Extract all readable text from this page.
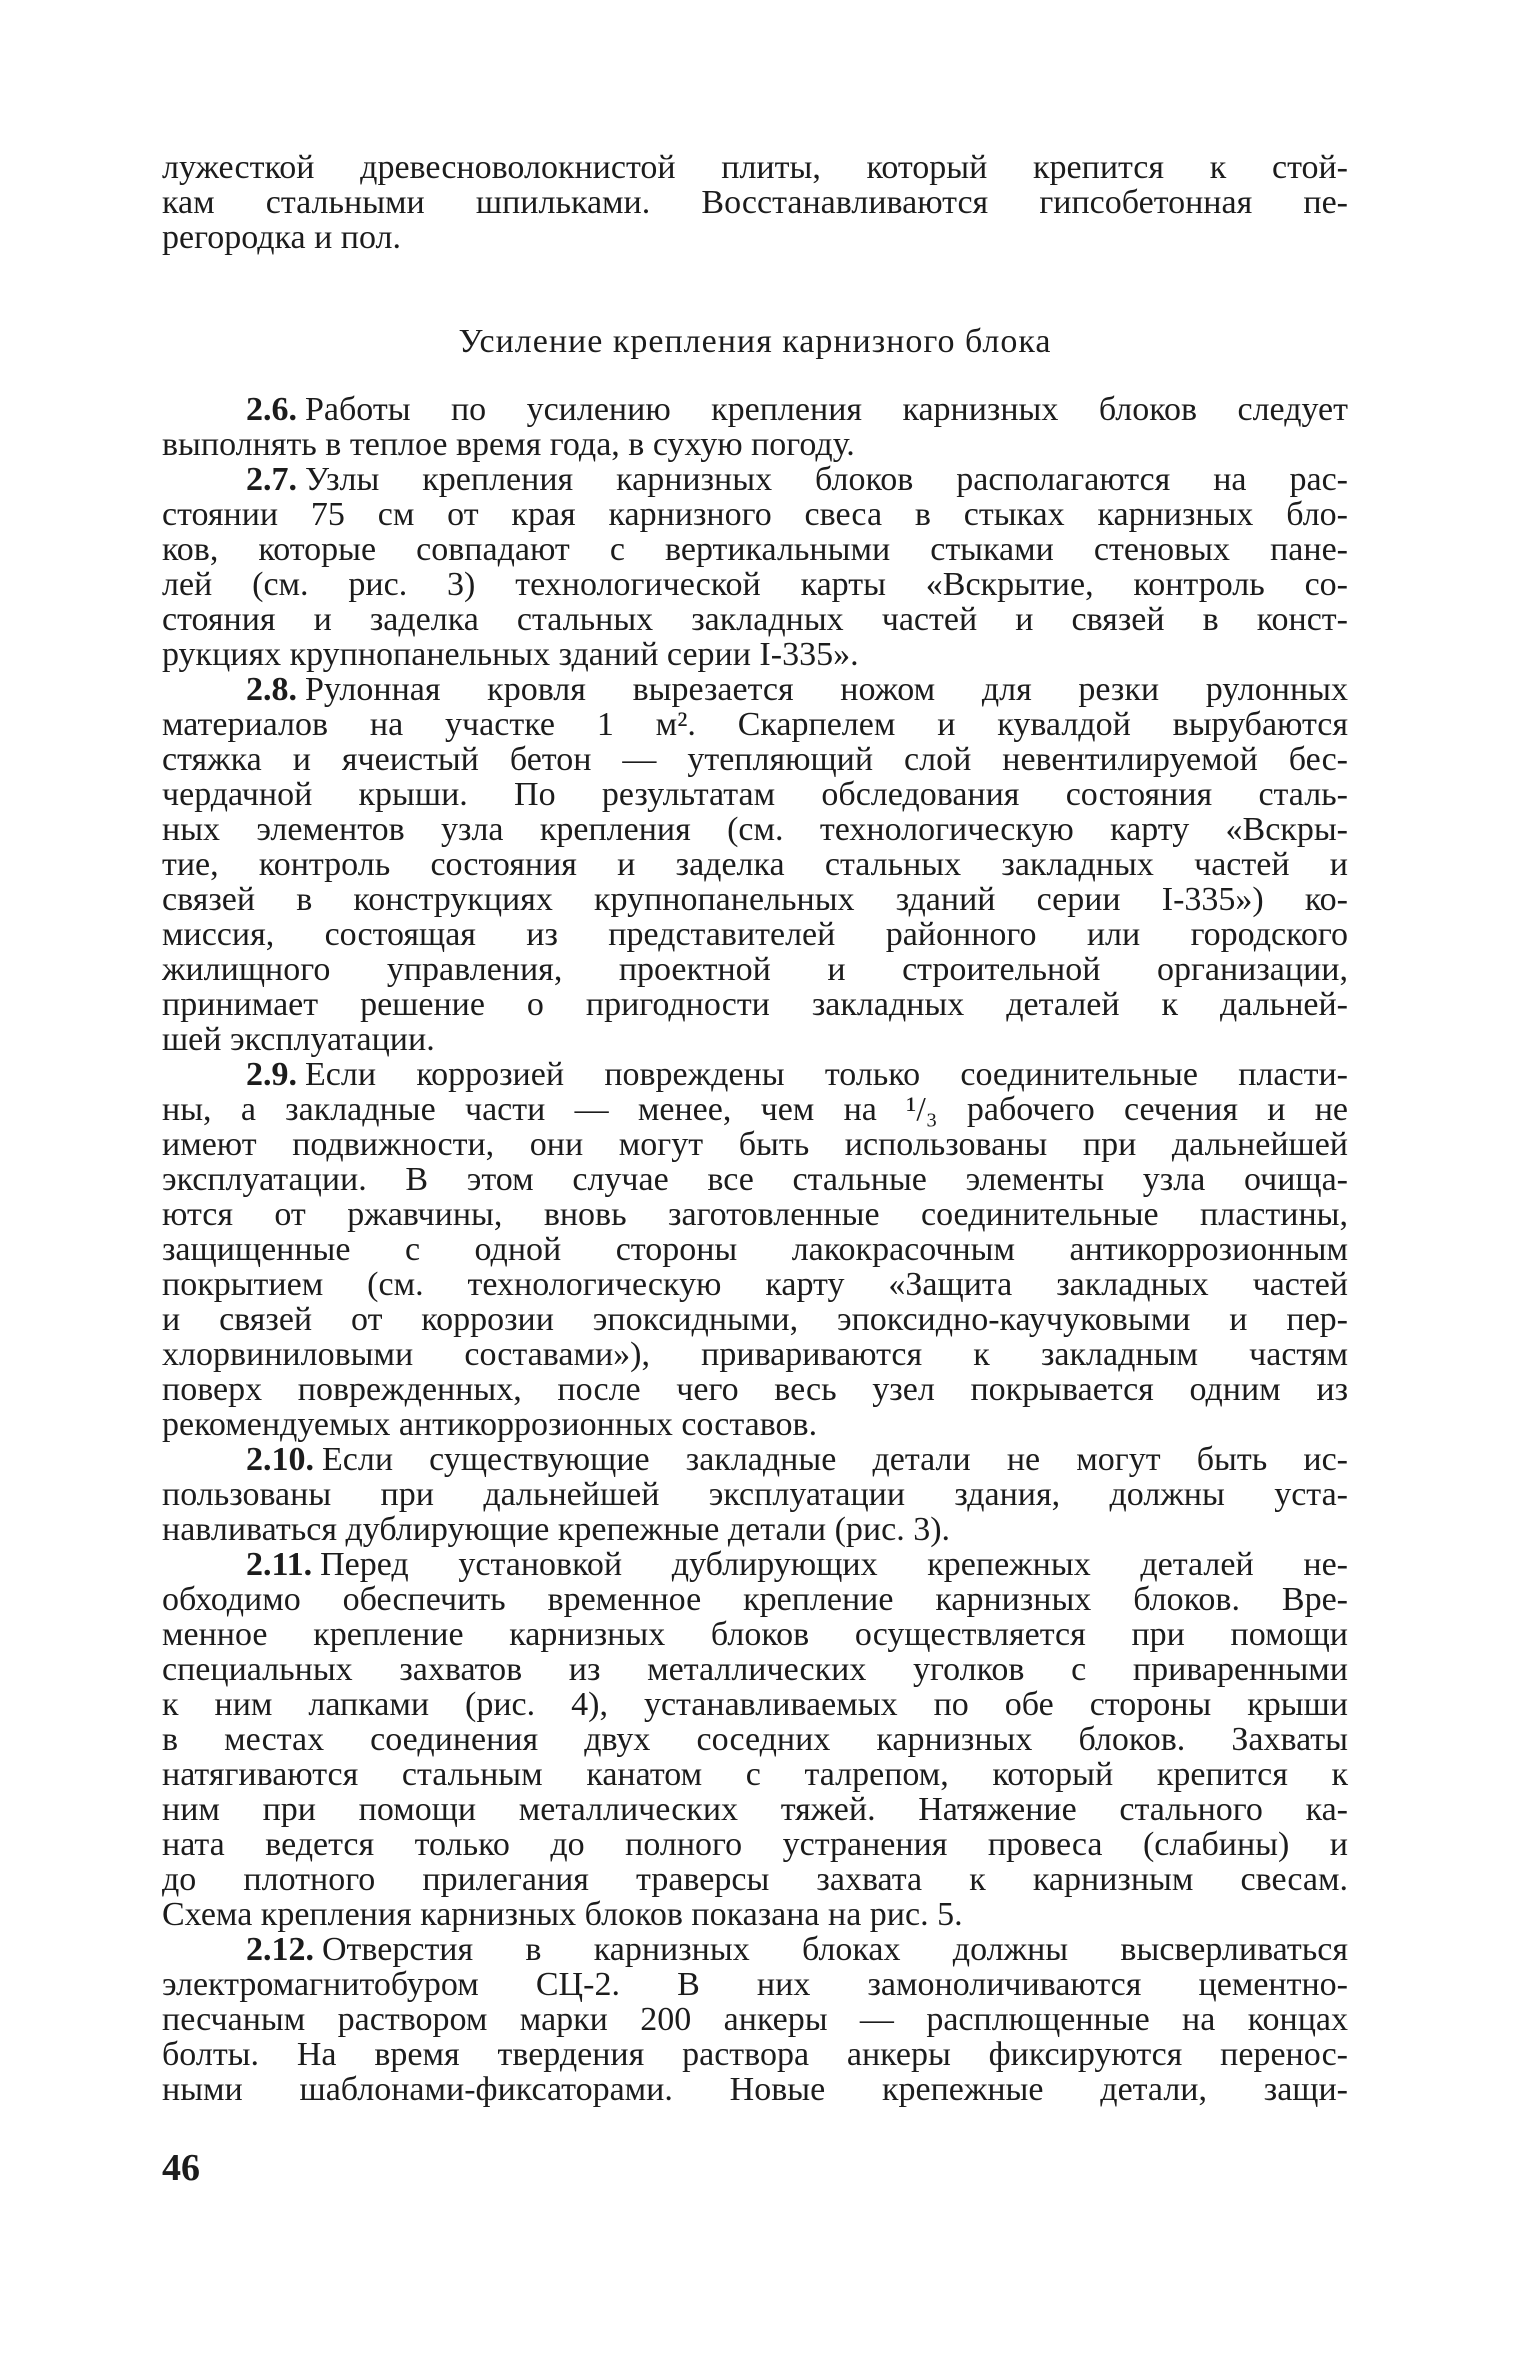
лужесткой древесноволокнистой плиты, который крепится к стой-
кам стальными шпильками. Восстанавливаются гипсобетонная пе-
регородка и пол.
Усиление крепления карнизного блока
2.6. Работы по усилению крепления карнизных блоков следует
выполнять в теплое время года, в сухую погоду.
2.7. Узлы крепления карнизных блоков располагаются на рас-
стоянии 75 см от края карнизного свеса в стыках карнизных бло-
ков, которые совпадают с вертикальными стыками стеновых пане-
лей (см. рис. 3) технологической карты «Вскрытие, контроль со-
стояния и заделка стальных закладных частей и связей в конст-
рукциях крупнопанельных зданий серии I-335».
2.8. Рулонная кровля вырезается ножом для резки рулонных
материалов на участке 1 м². Скарпелем и кувалдой вырубаются
стяжка и ячеистый бетон — утепляющий слой невентилируемой бес-
чердачной крыши. По результатам обследования состояния сталь-
ных элементов узла крепления (см. технологическую карту «Вскры-
тие, контроль состояния и заделка стальных закладных частей и
связей в конструкциях крупнопанельных зданий серии I-335») ко-
миссия, состоящая из представителей районного или городского
жилищного управления, проектной и строительной организации,
принимает решение о пригодности закладных деталей к дальней-
шей эксплуатации.
2.9. Если коррозией повреждены только соединительные пласти-
ны, а закладные части — менее, чем на ¹/₃ рабочего сечения и не
имеют подвижности, они могут быть использованы при дальнейшей
эксплуатации. В этом случае все стальные элементы узла очища-
ются от ржавчины, вновь заготовленные соединительные пластины,
защищенные с одной стороны лакокрасочным антикоррозионным
покрытием (см. технологическую карту «Защита закладных частей
и связей от коррозии эпоксидными, эпоксидно-каучуковыми и пер-
хлорвиниловыми составами»), привариваются к закладным частям
поверх поврежденных, после чего весь узел покрывается одним из
рекомендуемых антикоррозионных составов.
2.10. Если существующие закладные детали не могут быть ис-
пользованы при дальнейшей эксплуатации здания, должны уста-
навливаться дублирующие крепежные детали (рис. 3).
2.11. Перед установкой дублирующих крепежных деталей не-
обходимо обеспечить временное крепление карнизных блоков. Вре-
менное крепление карнизных блоков осуществляется при помощи
специальных захватов из металлических уголков с приваренными
к ним лапками (рис. 4), устанавливаемых по обе стороны крыши
в местах соединения двух соседних карнизных блоков. Захваты
натягиваются стальным канатом с талрепом, который крепится к
ним при помощи металлических тяжей. Натяжение стального ка-
ната ведется только до полного устранения провеса (слабины) и
до плотного прилегания траверсы захвата к карнизным свесам.
Схема крепления карнизных блоков показана на рис. 5.
2.12. Отверстия в карнизных блоках должны высверливаться
электромагнитобуром СЦ-2. В них замоноличиваются цементно-
песчаным раствором марки 200 анкеры — расплющенные на концах
болты. На время твердения раствора анкеры фиксируются перенос-
ными шаблонами-фиксаторами. Новые крепежные детали, защи-
46
